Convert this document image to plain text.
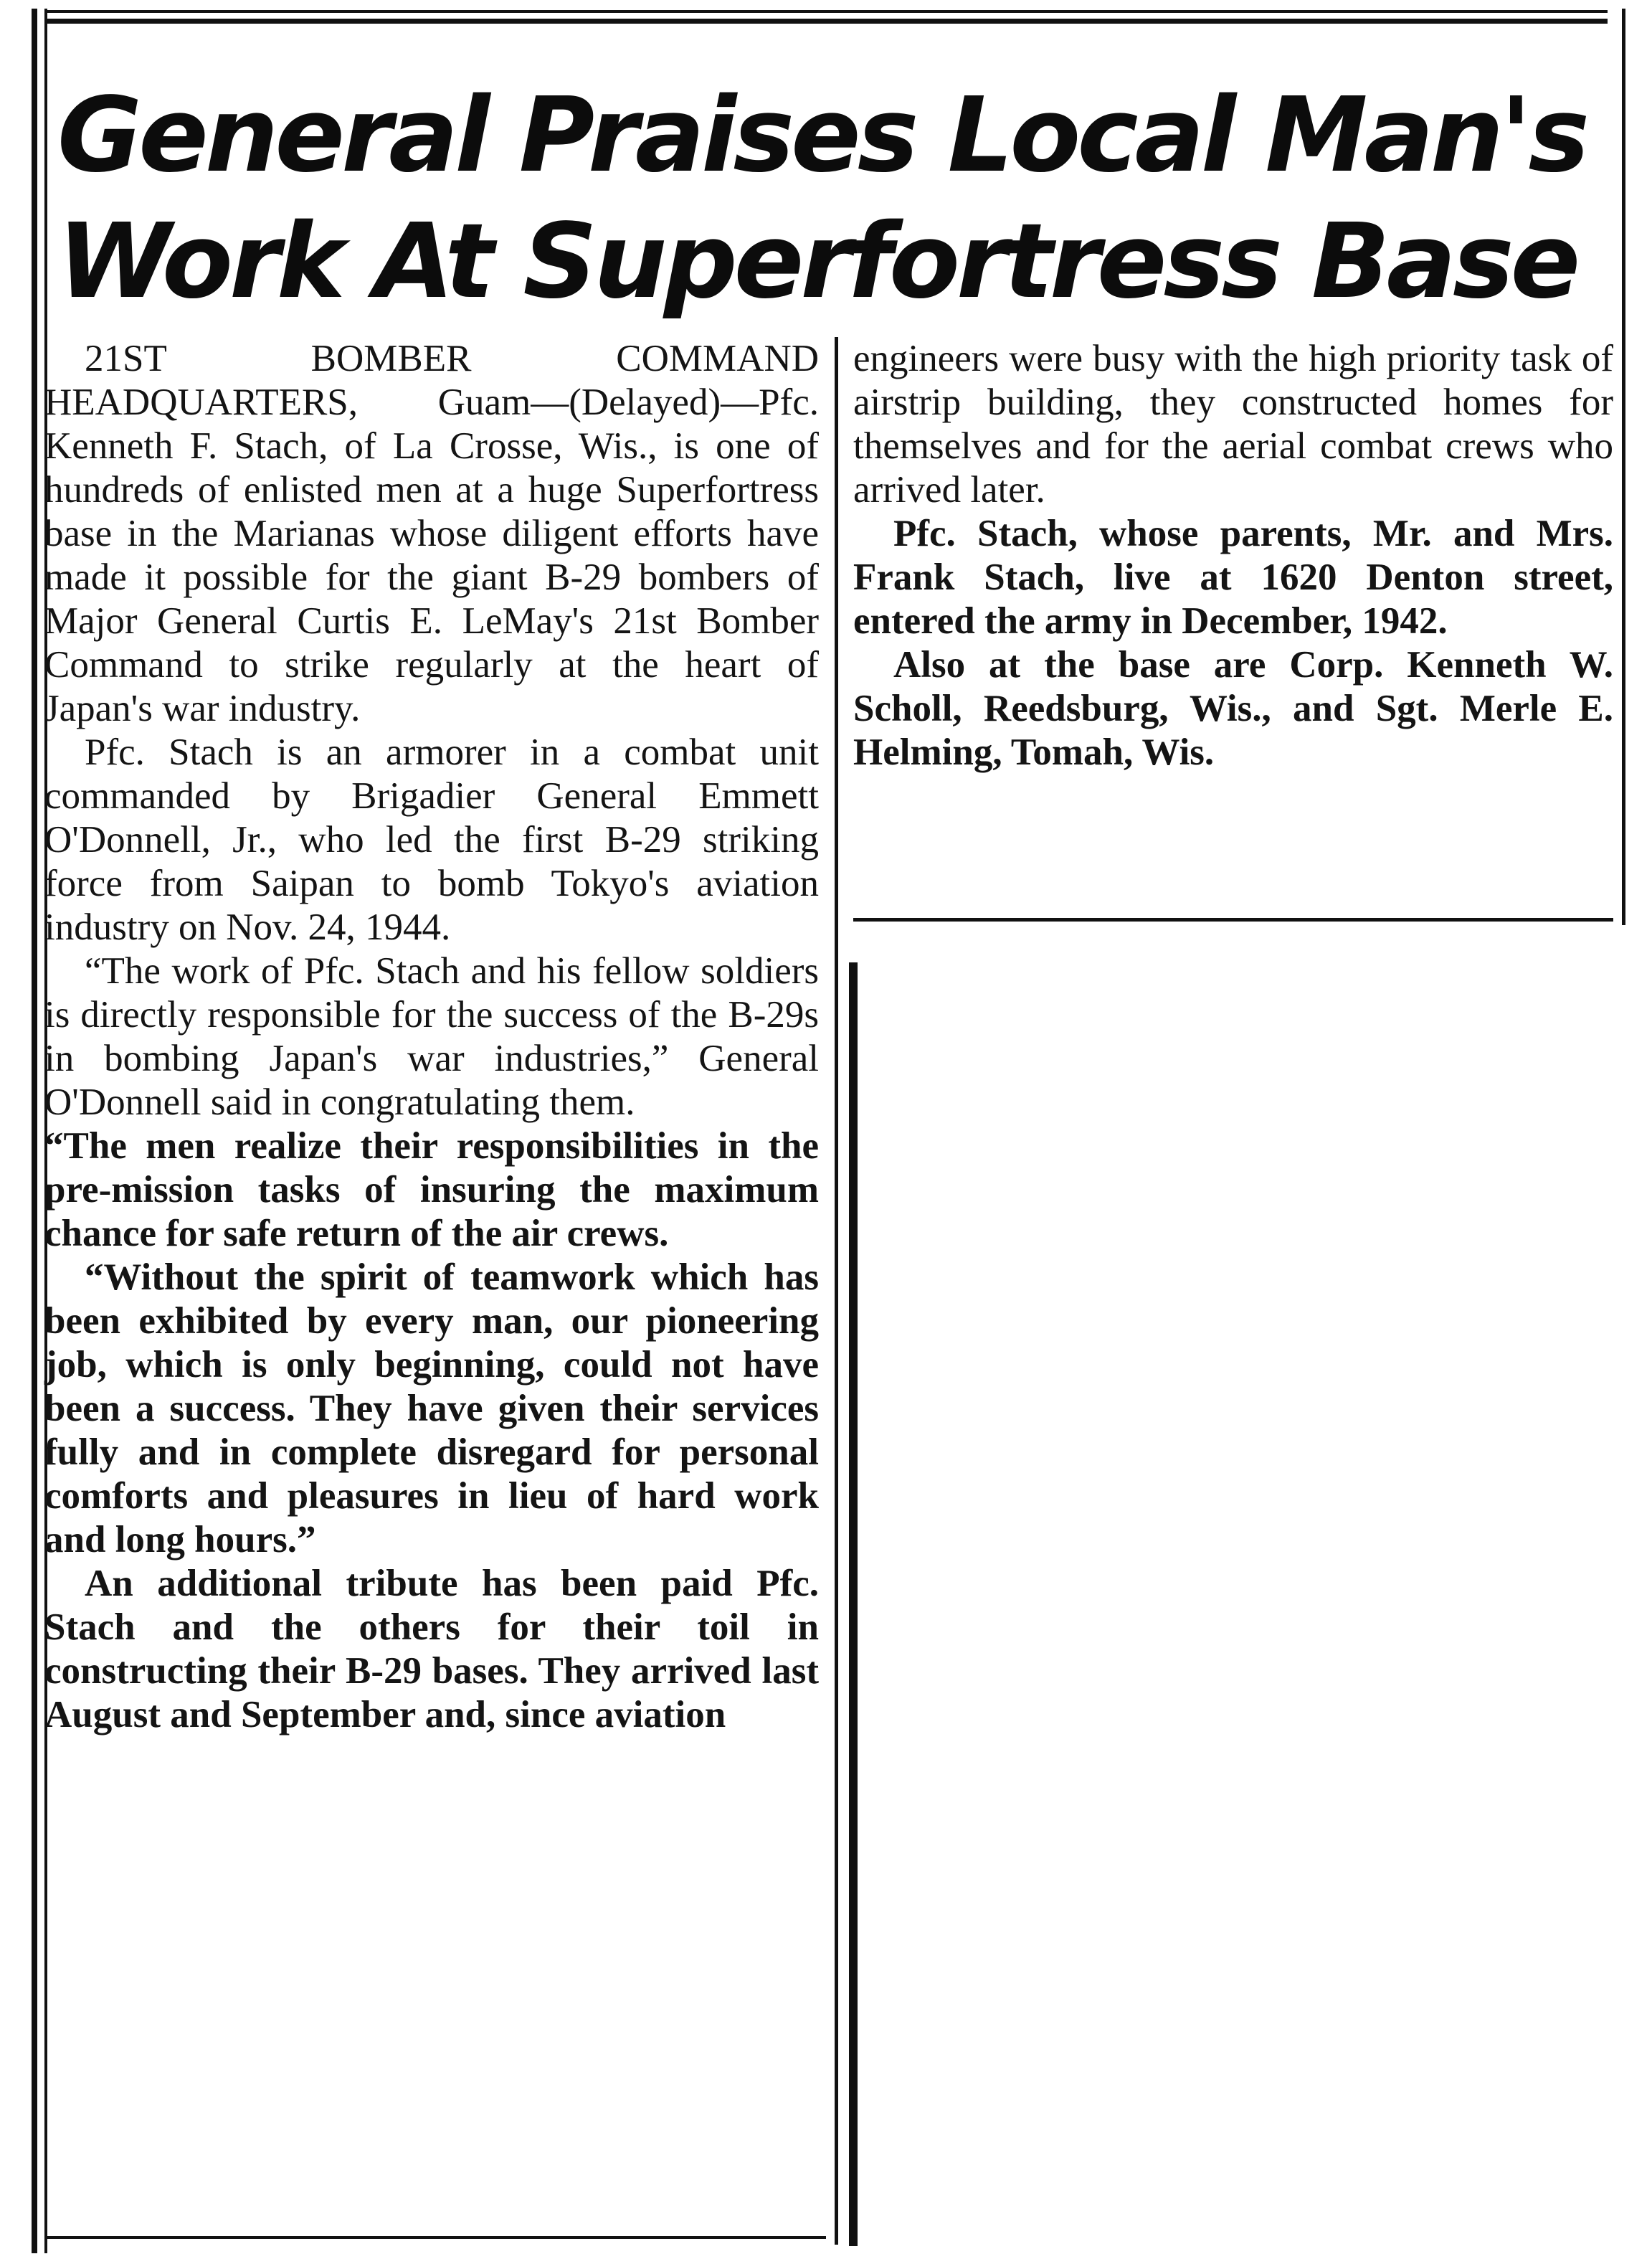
General Praises Local Man's
Work At Superfortress Base

21ST BOMBER COMMAND HEADQUARTERS, Guam—(Delayed)—Pfc. Kenneth F. Stach, of La Crosse, Wis., is one of hundreds of enlisted men at a huge Superfortress base in the Marianas whose diligent efforts have made it possible for the giant B-29 bombers of Major General Curtis E. LeMay's 21st Bomber Command to strike regularly at the heart of Japan's war industry.

Pfc. Stach is an armorer in a combat unit commanded by Brigadier General Emmett O'Donnell, Jr., who led the first B-29 striking force from Saipan to bomb Tokyo's aviation industry on Nov. 24, 1944.

“The work of Pfc. Stach and his fellow soldiers is directly responsible for the success of the B-29s in bombing Japan's war industries,” General O'Donnell said in congratulating them.

“The men realize their responsibilities in the pre-mission tasks of insuring the maximum chance for safe return of the air crews.

“Without the spirit of teamwork which has been exhibited by every man, our pioneering job, which is only beginning, could not have been a success. They have given their services fully and in complete disregard for personal comforts and pleasures in lieu of hard work and long hours.”

An additional tribute has been paid Pfc. Stach and the others for their toil in constructing their B-29 bases. They arrived last August and September and, since aviation

engineers were busy with the high priority task of airstrip building, they constructed homes for themselves and for the aerial combat crews who arrived later.

Pfc. Stach, whose parents, Mr. and Mrs. Frank Stach, live at 1620 Denton street, entered the army in December, 1942.

Also at the base are Corp. Kenneth W. Scholl, Reedsburg, Wis., and Sgt. Merle E. Helming, Tomah, Wis.
